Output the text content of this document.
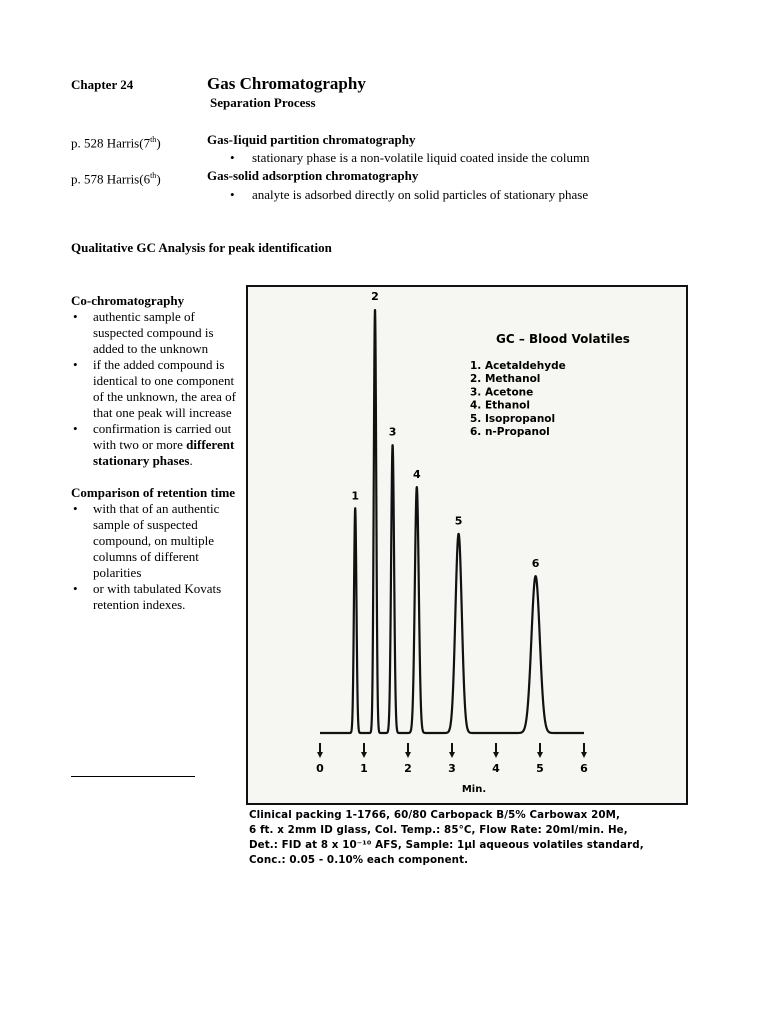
Chapter 24	Gas Chromatography
Separation Process
p. 528 Harris(7th)	Gas-Iiquid partition chromatography
• stationary phase is a non-volatile liquid coated inside the column
p. 578 Harris(6th)	Gas-solid adsorption chromatography
• analyte is adsorbed directly on solid particles of stationary phase
Qualitative GC Analysis for peak identification

Co-chromatography

• authentic sample of suspected compound is added to the unknown
• if the added compound is identical to one component of the unknown, the area of that one peak will increase
• confirmation is carried out with two or more different stationary phases.

Comparison of retention time

• with that of an authentic sample of suspected compound, on multiple columns of different polarities
• or with tabulated Kovats retention indexes.
1
2
3
4
5
6
0	1	2	3	4	5	6
Min.
GC – Blood Volatiles
1. Acetaldehyde
2. Methanol
3. Acetone
4. Ethanol
5. Isopropanol
6. n-Propanol
Clinical packing 1-1766, 60/80 Carbopack B/5% Carbowax 20M,
6 ft. x 2mm ID glass, Col. Temp.: 85°C, Flow Rate: 20ml/min. He,
Det.: FID at 8 x 10⁻¹⁰ AFS, Sample: 1μl aqueous volatiles standard,
Conc.: 0.05 - 0.10% each component.
